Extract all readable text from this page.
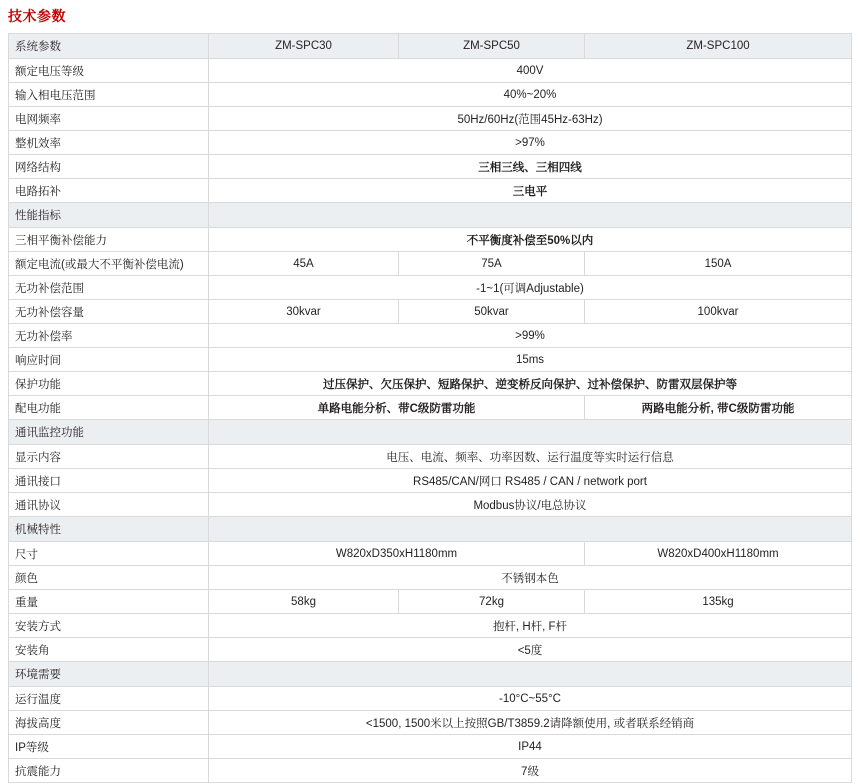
技术参数
系统参数	ZM-SPC30	ZM-SPC50	ZM-SPC100
额定电压等级	400V		
输入相电压范围	40%~20%		
电网频率	50Hz/60Hz(范围45Hz-63Hz)		
整机效率	>97%		
网络结构	三相三线、三相四线		
电路拓补	三电平		
性能指标			
三相平衡补偿能力	不平衡度补偿至50%以内		
额定电流(或最大不平衡补偿电流)	45A	75A	150A
无功补偿范围	-1~1(可调Adjustable)		
无功补偿容量	30kvar	50kvar	100kvar
无功补偿率	>99%		
响应时间	15ms		
保护功能	过压保护、欠压保护、短路保护、逆变桥反向保护、过补偿保护、防雷双层保护等		
配电功能	单路电能分析、带C级防雷功能		两路电能分析, 带C级防雷功能
通讯监控功能			
显示内容	电压、电流、频率、功率因数、运行温度等实时运行信息		
通讯接口	RS485/CAN/网口 RS485 / CAN / network port		
通讯协议	Modbus协议/电总协议		
机械特性			
尺寸	W820xD350xH1180mm		W820xD400xH1180mm
颜色	不锈钢本色		
重量	58kg	72kg	135kg
安装方式	抱杆, H杆, F杆		
安装角	<5度		
环境需要			
运行温度	-10°C~55°C		
海拔高度	<1500, 1500米以上按照GB/T3859.2请降额使用, 或者联系经销商		
IP等级	IP44		
抗震能力	7级		
